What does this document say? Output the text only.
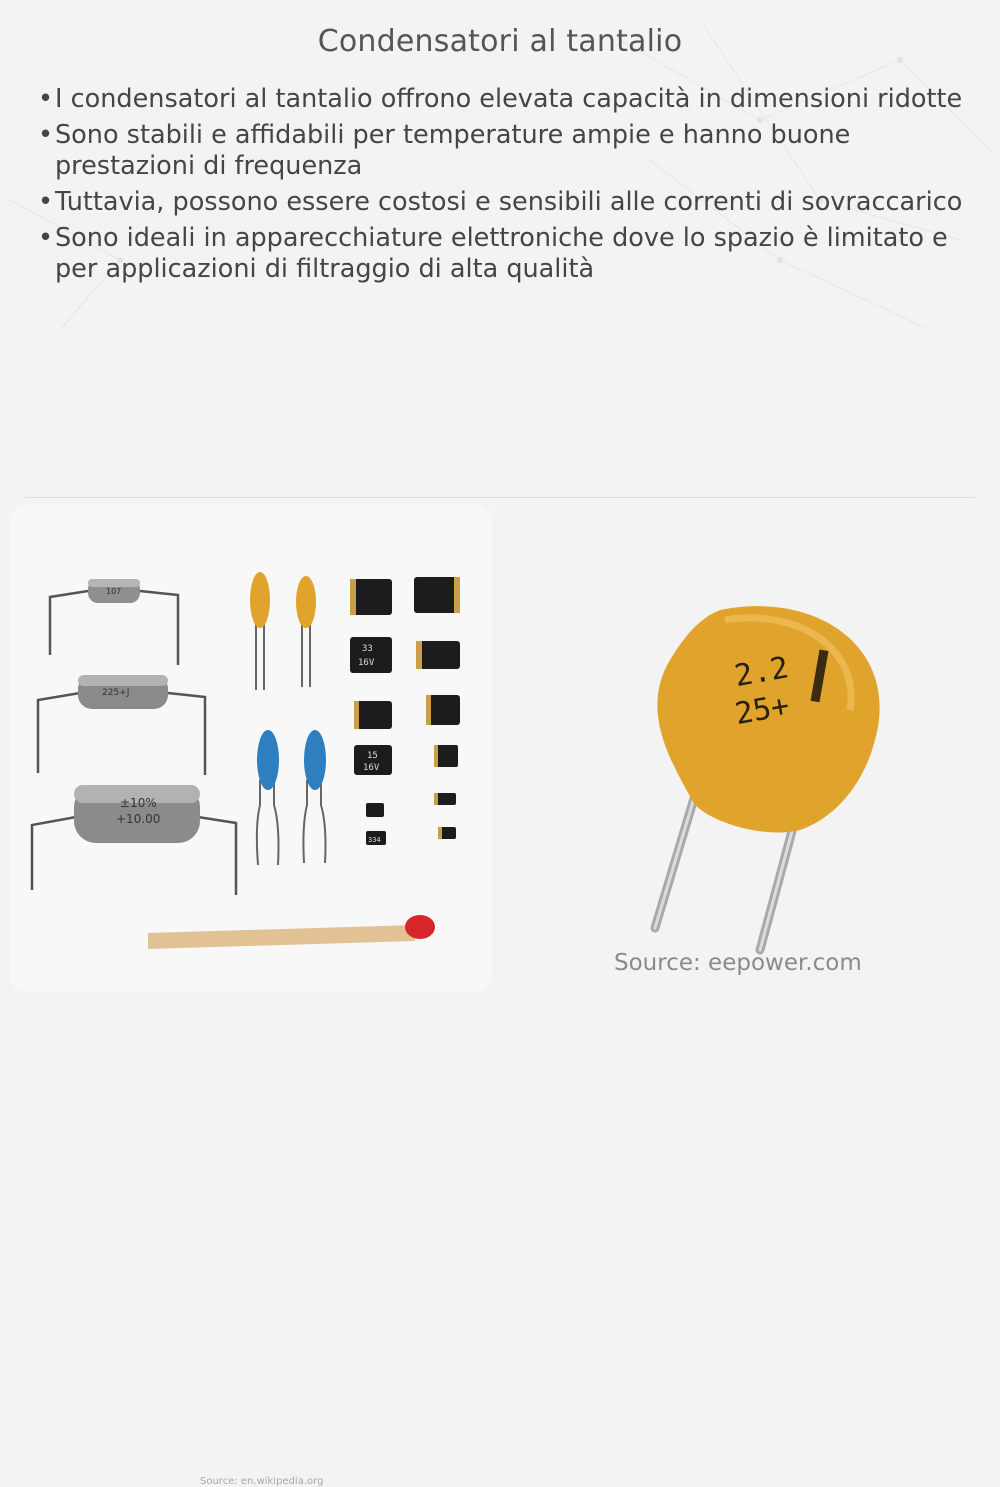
Condensatori al tantalio
• I condensatori al tantalio offrono elevata capacità in dimensioni ridotte
• Sono stabili e affidabili per temperature ampie e hanno buone prestazioni di frequenza
• Tuttavia, possono essere costosi e sensibili alle correnti di sovraccarico
• Sono ideali in apparecchiature elettroniche dove lo spazio è limitato e per applicazioni di filtraggio di alta qualità
107
225+J
±10%
+10.00
33
16V
15
16V
334
Source: en.wikipedia.org
2.2
25+
Source: eepower.com
